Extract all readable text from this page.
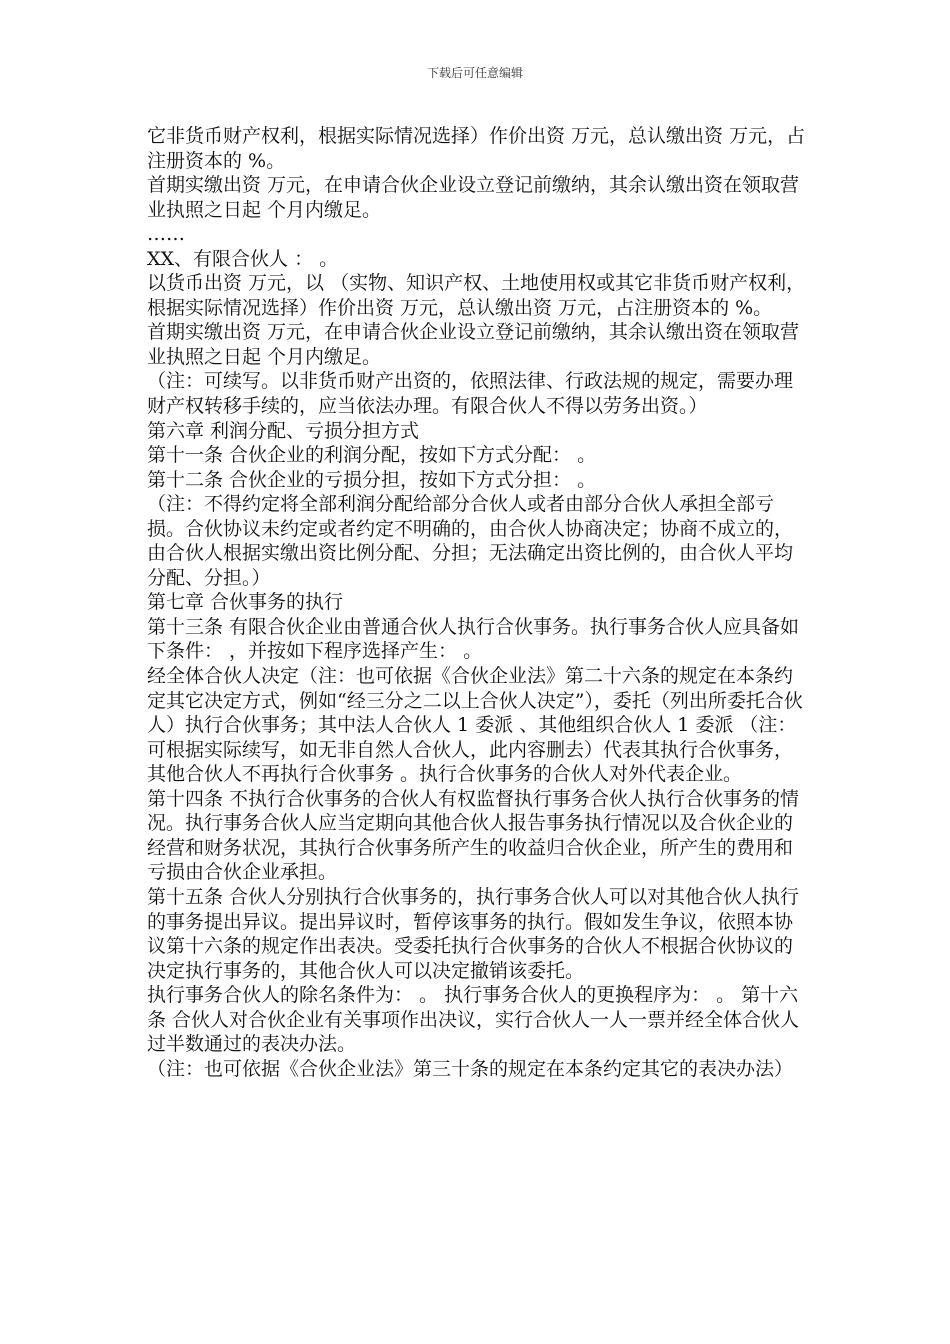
下载后可任意编辑

它非货币财产权利，根据实际情况选择）作价出资 万元，总认缴出资 万元，占注册资本的 %。

首期实缴出资 万元，在申请合伙企业设立登记前缴纳，其余认缴出资在领取营业执照之日起 个月内缴足。

……

XX、有限合伙人 ： 。

以货币出资 万元，以 （实物、知识产权、土地使用权或其它非货币财产权利，根据实际情况选择）作价出资 万元，总认缴出资 万元，占注册资本的 %。

首期实缴出资 万元，在申请合伙企业设立登记前缴纳，其余认缴出资在领取营业执照之日起 个月内缴足。

（注：可续写。以非货币财产出资的，依照法律、行政法规的规定，需要办理财产权转移手续的，应当依法办理。有限合伙人不得以劳务出资。）

第六章 利润分配、亏损分担方式

第十一条 合伙企业的利润分配，按如下方式分配： 。

第十二条 合伙企业的亏损分担，按如下方式分担： 。

（注：不得约定将全部利润分配给部分合伙人或者由部分合伙人承担全部亏损。合伙协议未约定或者约定不明确的，由合伙人协商决定；协商不成立的，由合伙人根据实缴出资比例分配、分担；无法确定出资比例的，由合伙人平均分配、分担。）

第七章 合伙事务的执行

第十三条 有限合伙企业由普通合伙人执行合伙事务。执行事务合伙人应具备如下条件： ，并按如下程序选择产生： 。

经全体合伙人决定（注：也可依据《合伙企业法》第二十六条的规定在本条约定其它决定方式，例如“经三分之二以上合伙人决定”），委托（列出所委托合伙人）执行合伙事务；其中法人合伙人 1 委派 、其他组织合伙人 1 委派 （注：可根据实际续写，如无非自然人合伙人，此内容删去）代表其执行合伙事务，其他合伙人不再执行合伙事务 。执行合伙事务的合伙人对外代表企业。

第十四条 不执行合伙事务的合伙人有权监督执行事务合伙人执行合伙事务的情况。执行事务合伙人应当定期向其他合伙人报告事务执行情况以及合伙企业的经营和财务状况，其执行合伙事务所产生的收益归合伙企业，所产生的费用和亏损由合伙企业承担。

第十五条 合伙人分别执行合伙事务的，执行事务合伙人可以对其他合伙人执行的事务提出异议。提出异议时，暂停该事务的执行。假如发生争议，依照本协议第十六条的规定作出表决。受委托执行合伙事务的合伙人不根据合伙协议的决定执行事务的，其他合伙人可以决定撤销该委托。

执行事务合伙人的除名条件为： 。 执行事务合伙人的更换程序为： 。 第十六条 合伙人对合伙企业有关事项作出决议，实行合伙人一人一票并经全体合伙人过半数通过的表决办法。

（注：也可依据《合伙企业法》第三十条的规定在本条约定其它的表决办法）
